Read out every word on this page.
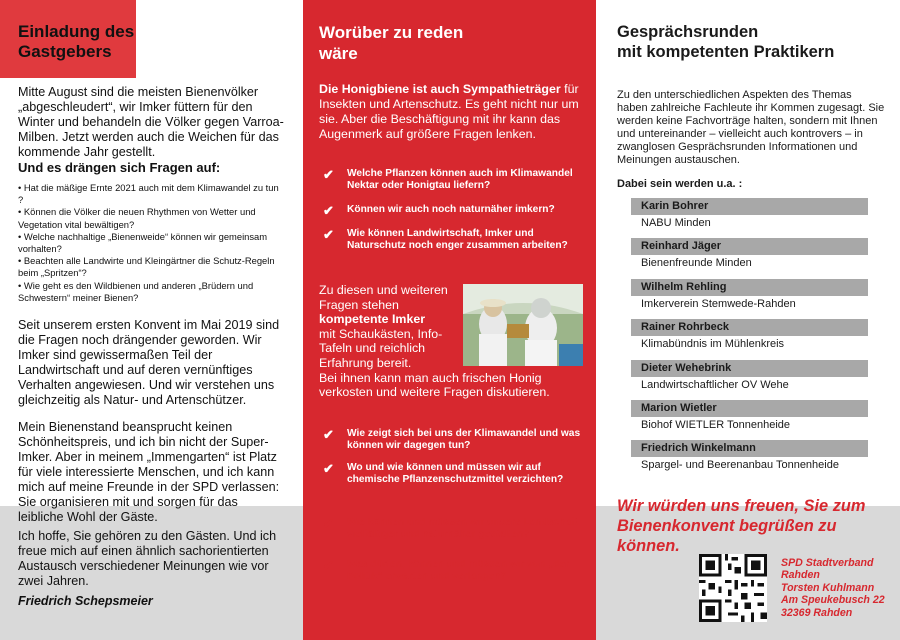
Einladung des
Gastgebers

Mitte August sind die meisten Bienenvölker „abgeschleudert“, wir Imker füttern für den Winter und behandeln die Völker gegen Varroa-Milben. Jetzt werden auch die Weichen für das kommende Jahr gestellt.

Und es drängen sich Fragen auf:

• Hat die mäßige Ernte 2021 auch mit dem Klimawandel zu tun ?
• Können die Völker die neuen Rhythmen von Wetter und Vegetation vital bewältigen?
• Welche nachhaltige „Bienenweide“ können wir gemeinsam vorhalten?
• Beachten alle Landwirte und Kleingärtner die Schutz-Regeln beim „Spritzen“?
• Wie geht es den Wildbienen und anderen „Brüdern und Schwestern“ meiner Bienen?

Seit unserem ersten Konvent im Mai 2019 sind die Fragen noch drängender geworden. Wir Imker sind gewissermaßen Teil der Landwirtschaft und auf deren vernünftiges Verhalten angewiesen. Und wir verstehen uns gleichzeitig als Natur- und Artenschützer.

Mein Bienenstand beansprucht keinen Schönheitspreis, und ich bin nicht der Super-Imker. Aber in meinem „Immengarten“ ist Platz für viele interessierte Menschen, und ich kann mich auf meine Freunde in der SPD verlassen: Sie organisieren mit und sorgen für das leibliche Wohl der Gäste.

Ich hoffe, Sie gehören zu den Gästen. Und ich freue mich auf einen ähnlich sachorientierten Austausch verschiedener Meinungen wie vor zwei Jahren.

Friedrich Schepsmeier
Worüber zu reden
wäre

Die Honigbiene ist auch Sympathieträger für Insekten und Artenschutz. Es geht nicht nur um sie. Aber die Beschäftigung mit ihr kann das Augenmerk auf größere Fragen lenken.

✔ Welche Pflanzen können auch im Klimawandel Nektar oder Honigtau liefern?
✔ Können wir auch noch naturnäher imkern?
✔ Wie können Landwirtschaft, Imker und Naturschutz noch enger zusammen arbeiten?

Zu diesen und weiteren Fragen stehen
kompetente Imker
mit Schaukästen, Info-Tafeln und reichlich Erfahrung bereit.
Bei ihnen kann man auch frischen Honig verkosten und weitere Fragen diskutieren.

✔ Wie zeigt sich bei uns der Klimawandel und was können wir dagegen tun?
✔ Wo und wie können und müssen wir auf chemische Pflanzenschutzmittel verzichten?
✔ Wie können und müssen wir unsere Landschaft vielfältiger und naturnäher gestalten?
✔ Was dürfen, können und müssen wir von „der Politik“ erwarten und verlangen?
Gesprächsrunden
mit kompetenten Praktikern

Zu den unterschiedlichen Aspekten des Themas haben zahlreiche Fachleute ihr Kommen zugesagt. Sie werden keine Fachvorträge halten, sondern mit Ihnen und untereinander – vielleicht auch kontrovers – in zwanglosen Gesprächsrunden Informationen und Meinungen austauschen.

Dabei sein werden u.a. :
Karin Bohrer
NABU Minden
Reinhard Jäger
Bienenfreunde Minden
Wilhelm Rehling
Imkerverein Stemwede-Rahden
Rainer Rohrbeck
Klimabündnis im Mühlenkreis
Dieter Wehebrink
Landwirtschaftlicher OV Wehe
Marion Wietler
Biohof WIETLER Tonnenheide
Friedrich Winkelmann
Spargel- und Beerenanbau Tonnenheide

Wir würden uns freuen, Sie zum Bienenkonvent begrüßen zu können.

SPD Stadtverband
Rahden
Torsten Kuhlmann
Am Speukebusch 22
32369 Rahden
